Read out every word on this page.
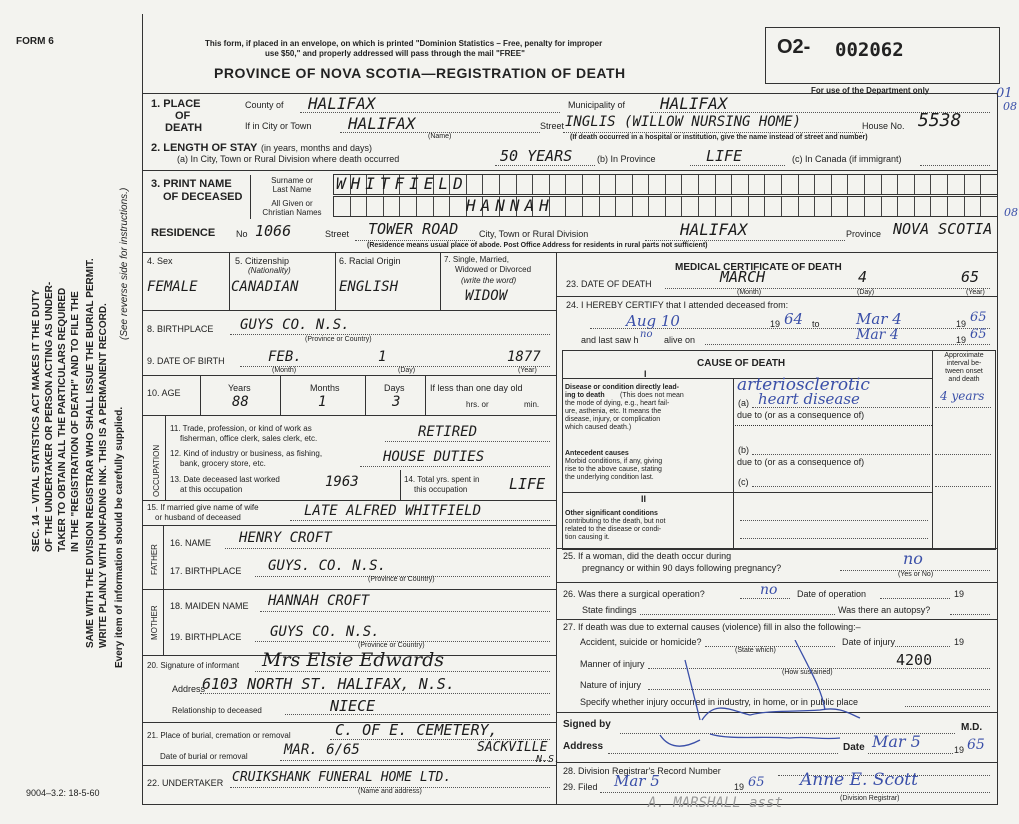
FORM 6	This form, if placed in an envelope, on which is printed "Dominion Statistics – Free, penalty for improper
use $50," and properly addressed will pass through the mail "FREE"
PROVINCE OF NOVA SCOTIA—REGISTRATION OF DEATH
O2- 002062
For use of the Department only	01
08
08
SEC. 14 – VITAL STATISTICS ACT MAKES IT THE DUTY OF THE UNDERTAKER OR PERSON ACTING AS UNDER- TAKER TO OBTAIN ALL THE PARTICULARS REQUIRED IN THE "REGISTRATION OF DEATH" AND TO FILE THE SAME WITH THE DIVISION REGISTRAR WHO SHALL ISSUE THE BURIAL PERMIT. WRITE PLAINLY WITH UNFADING INK. THIS IS A PERMANENT RECORD. Every item of information should be carefully supplied.
(See reverse side for instructions.)
9004–3.2: 18-5-60
1. PLACE
OF
DEATH
County of HALIFAX	Municipality of HALIFAX
If in City or Town HALIFAX
(Name)
Street INGLIS (WILLOW NURSING HOME)	House No. 5538
(If death occurred in a hospital or institution, give the name instead of street and number)
2. LENGTH OF STAY (in years, months and days)
(a) In City, Town or Rural Division where death occurred	50 YEARS	(b) In Province	LIFE	(c) In Canada (if immigrant)
3. PRINT NAME
OF DECEASED
Surname or
Last Name
All Given or
Christian Names
WHITFIELD
HANNAH
RESIDENCE No 1066	Street TOWER ROAD City, Town or Rural Division	HALIFAX	Province NOVA SCOTIA
(Residence means usual place of abode. Post Office Address for residents in rural parts not sufficient)
4. Sex
FEMALE
5. Citizenship
(Nationality)
CANADIAN
6. Racial Origin
ENGLISH
7. Single, Married,
Widowed or Divorced
(write the word)
WIDOW
8. BIRTHPLACE GUYS CO. N.S.
(Province or Country)
9. DATE OF BIRTH	FEB.	1	1877
(Month)	(Day)	(Year)
10. AGE	Years
88
Months
1
Days
3
If less than one day old
hrs. or	min.
OCCUPATION
11. Trade, profession, or kind of work as
fisherman, office clerk, sales clerk, etc.	RETIRED
12. Kind of industry or business, as fishing,
bank, grocery store, etc.	HOUSE DUTIES
13. Date deceased last worked
at this occupation	1963	14. Total yrs. spent in
this occupation	LIFE
15. If married give name of wife
or husband of deceased	LATE ALFRED WHITFIELD
FATHER
16. NAME HENRY CROFT
17. BIRTHPLACE GUYS. CO. N.S.
(Province or Country)
MOTHER 18. MAIDEN NAME HANNAH CROFT
19. BIRTHPLACE GUYS CO. N.S.
(Province or Country)
20. Signature of informant Mrs Elsie Edwards
Address
6103 NORTH ST. HALIFAX, N.S.
Relationship to deceased	NIECE
21. Place of burial, cremation or removal	C. OF E. CEMETERY,
Date of burial or removal	MAR. 6/65	SACKVILLE
N.S.
22. UNDERTAKER CRUIKSHANK FUNERAL HOME LTD.
(Name and address)
MEDICAL CERTIFICATE OF DEATH
23. DATE OF DEATH	MARCH	4	65
(Month)	(Day)	(Year)
24. I HEREBY CERTIFY that I attended deceased from:
Aug 10	19 64 to Mar 4	19 65
and last saw h no alive on	Mar 4	19 65
CAUSE OF DEATH
Approximate
interval be-
tween onset
and death
I
Disease or condition directly lead-
ing to death (This does not mean
the mode of dying, e.g., heart fail-
ure, asthenia, etc. It means the
disease, injury, or complication
which caused death.)
arteriosclerotic
(a) heart disease	4 years
due to (or as a consequence of)
Antecedent causes
Morbid conditions, if any, giving
rise to the above cause, stating
the underlying condition last.
(b)
due to (or as a consequence of)
(c)
II
Other significant conditions
contributing to the death, but not
related to the disease or condi-
tion causing it.
25. If a woman, did the death occur during
pregnancy or within 90 days following pregnancy?	no
(Yes or No)
26. Was there a surgical operation?	no Date of operation	19
State findings	Was there an autopsy?
27. If death was due to external causes (violence) fill in also the following:–
Accident, suicide or homicide?	Date of injury	19
(State which)
Manner of injury	4200
(How sustained)
Nature of injury
Specify whether injury occurred in industry, in home, or in public place
Signed by	M.D.
Address	Date Mar 5	19 65
28. Division Registrar's Record Number
29. Filed Mar 5	19 65 Anne E. Scott
A. MARSHALL asst	(Division Registrar)
